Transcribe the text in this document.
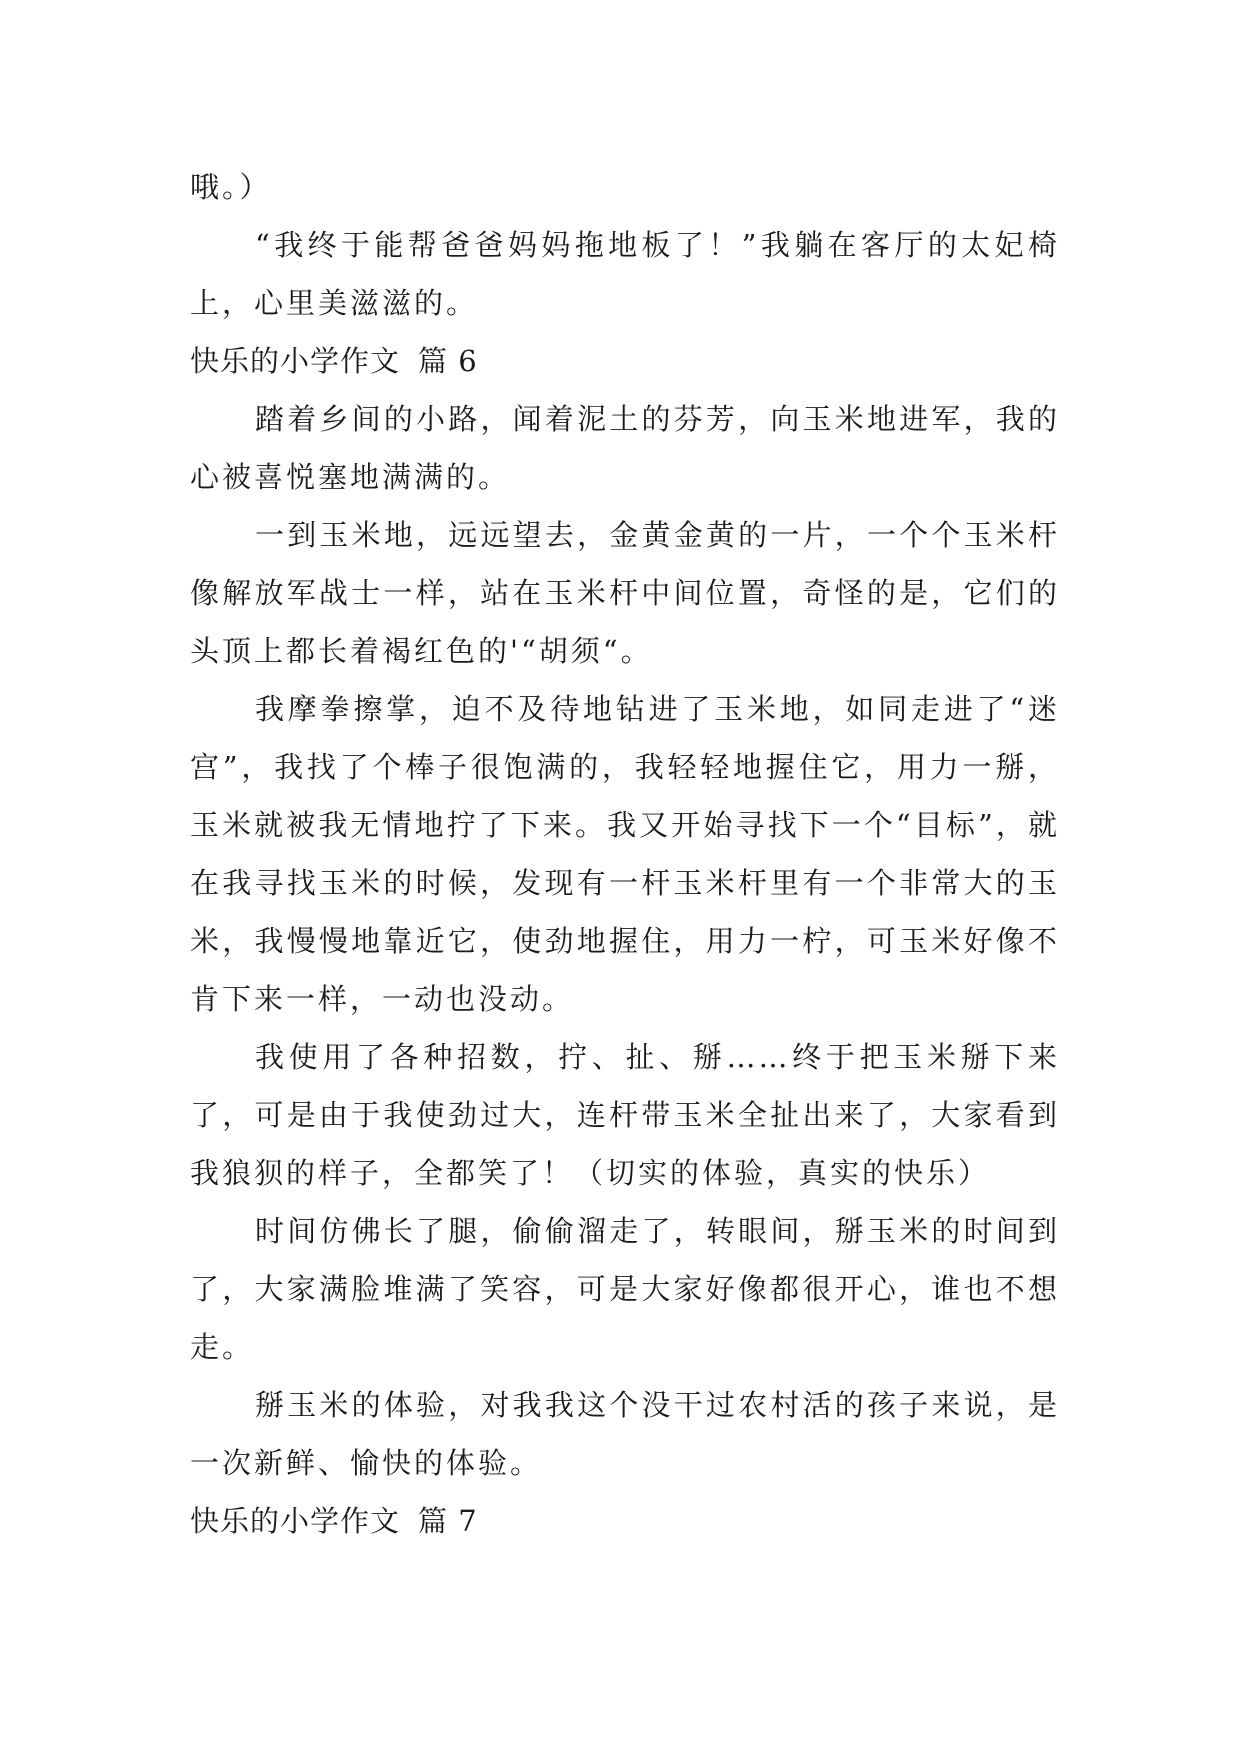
哦。）

“我终于能帮爸爸妈妈拖地板了！”我躺在客厅的太妃椅上，心里美滋滋的。

快乐的小学作文 篇 6

踏着乡间的小路，闻着泥土的芬芳，向玉米地进军，我的心被喜悦塞地满满的。

一到玉米地，远远望去，金黄金黄的一片，一个个玉米杆像解放军战士一样，站在玉米杆中间位置，奇怪的是，它们的头顶上都长着褐红色的'“胡须“。

我摩拳擦掌，迫不及待地钻进了玉米地，如同走进了“迷宫”，我找了个棒子很饱满的，我轻轻地握住它，用力一掰，玉米就被我无情地拧了下来。我又开始寻找下一个“目标”，就在我寻找玉米的时候，发现有一杆玉米杆里有一个非常大的玉米，我慢慢地靠近它，使劲地握住，用力一柠，可玉米好像不肯下来一样，一动也没动。

我使用了各种招数，拧、扯、掰……终于把玉米掰下来了，可是由于我使劲过大，连杆带玉米全扯出来了，大家看到我狼狈的样子，全都笑了！（切实的体验，真实的快乐）

时间仿佛长了腿，偷偷溜走了，转眼间，掰玉米的时间到了，大家满脸堆满了笑容，可是大家好像都很开心，谁也不想走。

掰玉米的体验，对我我这个没干过农村活的孩子来说，是一次新鲜、愉快的体验。

快乐的小学作文 篇 7
